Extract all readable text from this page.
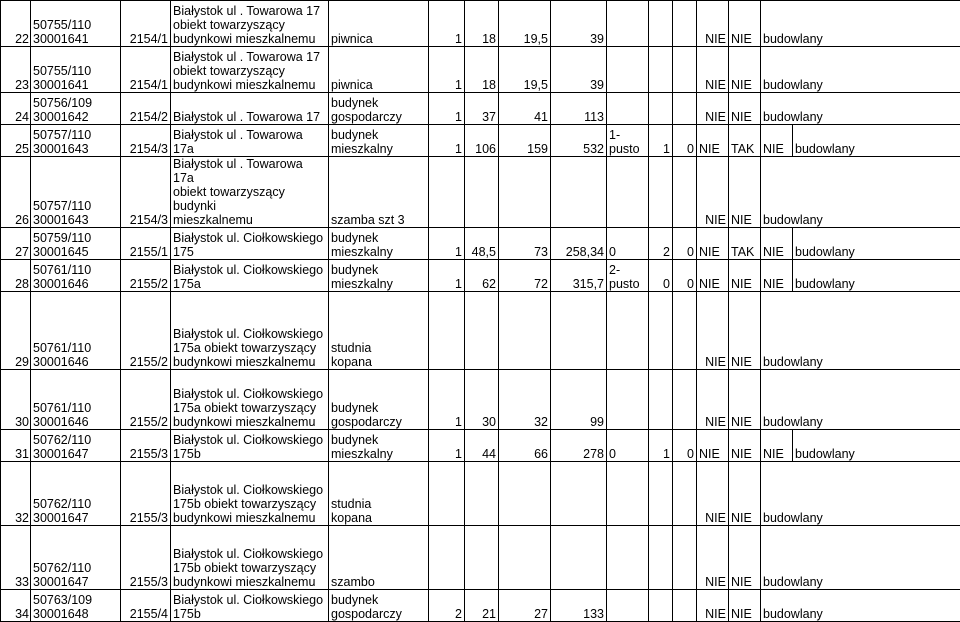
22	50755/110
30001641	2154/1	Białystok ul . Towarowa 17
obiekt towarzyszący
budynkowi mieszkalnemu	piwnica	1	18	19,5	39				NIE	NIE	budowlany	
23	50755/110
30001641	2154/1	Białystok ul . Towarowa 17
obiekt towarzyszący
budynkowi mieszkalnemu	piwnica	1	18	19,5	39				NIE	NIE	budowlany	
24	50756/109
30001642	2154/2	Białystok ul . Towarowa 17	budynek
gospodarczy	1	37	41	113				NIE	NIE	budowlany	
25	50757/110
30001643	2154/3	Białystok ul . Towarowa 17a	budynek
mieszkalny	1	106	159	532	1-
pusto	1	0	NIE	TAK	NIE	budowlany
26	50757/110
30001643	2154/3	Białystok ul . Towarowa 17a
obiekt towarzyszący budynki
mieszkalnemu	szamba szt 3								NIE	NIE	budowlany	
27	50759/110
30001645	2155/1	Białystok ul. Ciołkowskiego
175	budynek
mieszkalny	1	48,5	73	258,34	0	2	0	NIE	TAK	NIE	budowlany
28	50761/110
30001646	2155/2	Białystok ul. Ciołkowskiego
175a	budynek
mieszkalny	1	62	72	315,7	2-
pusto	0	0	NIE	NIE	NIE	budowlany
29	50761/110
30001646	2155/2	Białystok ul. Ciołkowskiego
175a obiekt towarzyszący
budynkowi mieszkalnemu	studnia
kopana								NIE	NIE	budowlany	
30	50761/110
30001646	2155/2	Białystok ul. Ciołkowskiego
175a obiekt towarzyszący
budynkowi mieszkalnemu	budynek
gospodarczy	1	30	32	99				NIE	NIE	budowlany	
31	50762/110
30001647	2155/3	Białystok ul. Ciołkowskiego
175b	budynek
mieszkalny	1	44	66	278	0	1	0	NIE	NIE	NIE	budowlany
32	50762/110
30001647	2155/3	Białystok ul. Ciołkowskiego
175b obiekt towarzyszący
budynkowi mieszkalnemu	studnia
kopana								NIE	NIE	budowlany	
33	50762/110
30001647	2155/3	Białystok ul. Ciołkowskiego
175b obiekt towarzyszący
budynkowi mieszkalnemu	szambo								NIE	NIE	budowlany	
34	50763/109
30001648	2155/4	Białystok ul. Ciołkowskiego
175b	budynek
gospodarczy	2	21	27	133				NIE	NIE	budowlany	
